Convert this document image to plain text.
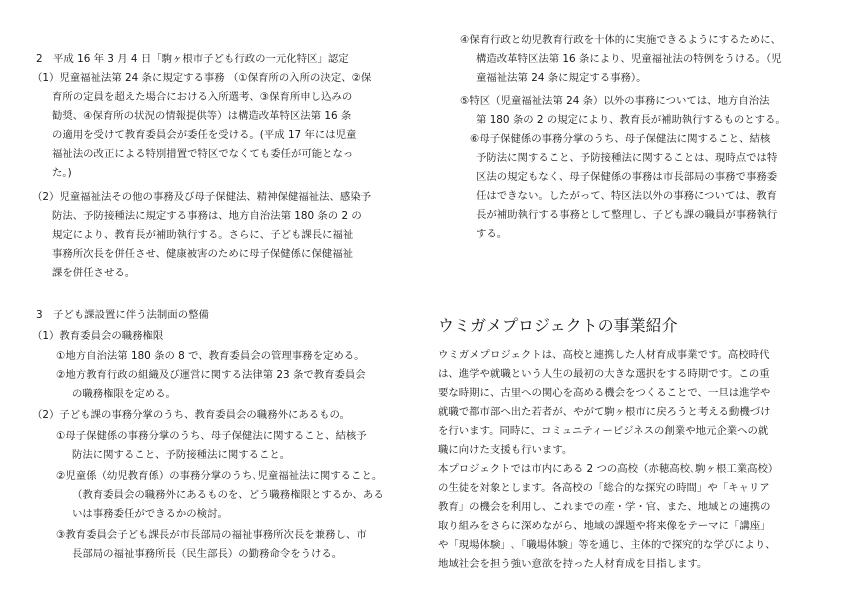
2　平成 16 年 3 月 4 日「駒ヶ根市子ども行政の一元化特区」認定
（1）児童福祉法第 24 条に規定する事務 （①保育所の入所の決定、②保
育所の定員を超えた場合における入所選考、③保育所申し込みの
勧奨、④保育所の状況の情報提供等）は構造改革特区法第 16 条
の適用を受けて教育委員会が委任を受ける。(平成 17 年には児童
福祉法の改正による特別措置で特区でなくても委任が可能となっ
た。)
（2）児童福祉法その他の事務及び母子保健法、精神保健福祉法、感染予
防法、予防接種法に規定する事務は、地方自治法第 180 条の 2 の
規定により、教育長が補助執行する。さらに、子ども課長に福祉
事務所次長を併任させ、健康被害のために母子保健係に保健福祉
課を併任させる。
3　子ども課設置に伴う法制面の整備
（1）教育委員会の職務権限
①地方自治法第 180 条の 8 で、教育委員会の管理事務を定める。
②地方教育行政の組織及び運営に関する法律第 23 条で教育委員会
の職務権限を定める。
（2）子ども課の事務分掌のうち、教育委員会の職務外にあるもの。
①母子保健係の事務分掌のうち、母子保健法に関すること、結核予
防法に関すること、予防接種法に関すること。
②児童係（幼児教育係）の事務分掌のうち､児童福祉法に関すること。
（教育委員会の職務外にあるものを、どう職務権限とするか、ある
いは事務委任ができるかの検討。
③教育委員会子ども課長が市長部局の福祉事務所次長を兼務し、市
長部局の福祉事務所長（民生部長）の勤務命令をうける。
④保育行政と幼児教育行政を十体的に実施できるようにするために、
構造改革特区法第 16 条により、児童福祉法の特例をうける。（児
童福祉法第 24 条に規定する事務）。
⑤特区（児童福祉法第 24 条）以外の事務については、地方自治法
第 180 条の 2 の規定により、教育長が補助執行するものとする。
⑥母子保健係の事務分掌のうち、母子保健法に関すること、結核
予防法に関すること、予防接種法に関することは、現時点では特
区法の規定もなく、母子保健係の事務は市長部局の事務で事務委
任はできない。したがって、特区法以外の事務については、教育
長が補助執行する事務として整理し、子ども課の職員が事務執行
する。
ウミガメプロジェクトの事業紹介
ウミガメプロジェクトは、高校と連携した人材育成事業です。高校時代
は、進学や就職という人生の最初の大きな選択をする時期です。この重
要な時期に、古里への関心を高める機会をつくることで、一旦は進学や
就職で都市部へ出た若者が、やがて駒ヶ根市に戻ろうと考える動機づけ
を行います。同時に、コミュニティービジネスの創業や地元企業への就
職に向けた支援も行います。
本プロジェクトでは市内にある 2 つの高校（赤穂高校､駒ヶ根工業高校）
の生徒を対象とします。各高校の「総合的な探究の時間」や「キャリア
教育」の機会を利用し、これまでの産・学・官、また、地域との連携の
取り組みをさらに深めながら、地域の課題や将来像をテーマに「講座」
や「現場体験」､「職場体験」等を通じ、主体的で探究的な学びにより、
地域社会を担う強い意欲を持った人材育成を目指します。
